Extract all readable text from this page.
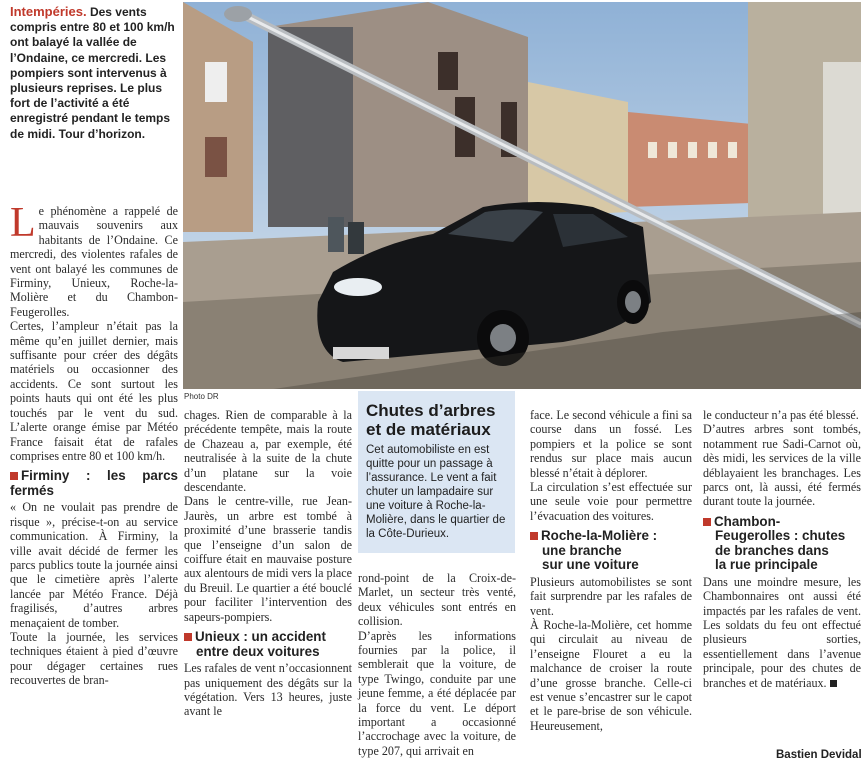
Intempéries. Des vents compris entre 80 et 100 km/h ont balayé la vallée de l’Ondaine, ce mercredi. Les pompiers sont intervenus à plusieurs reprises. Le plus fort de l’activité a été enregistré pendant le temps de midi. Tour d’horizon.

Le phénomène a rappelé de mauvais souvenirs aux habitants de l’Ondaine. Ce mercredi, des violentes rafales de vent ont balayé les communes de Firminy, Unieux, Roche-la-Molière et du Chambon-Feugerolles.

Certes, l’ampleur n’était pas la même qu’en juillet dernier, mais suffisante pour créer des dégâts matériels ou occasionner des accidents. Ce sont surtout les points hauts qui ont été les plus touchés par le vent du sud. L’alerte orange émise par Météo France faisait état de rafales comprises entre 80 et 100 km/h.

Firminy : les parcs fermés

« On ne voulait pas prendre de risque », précise-t-on au service communication. À Firminy, la ville avait décidé de fermer les parcs publics toute la journée ainsi que le cimetière après l’alerte lancée par Météo France. Déjà fragilisés, d’autres arbres menaçaient de tomber.

Toute la journée, les services techniques étaient à pied d’œuvre pour dégager certaines rues recouvertes de bran-

Photo DR

chages. Rien de comparable à la précédente tempête, mais la route de Chazeau a, par exemple, été neutralisée à la suite de la chute d’un platane sur la voie descendante.

Dans le centre-ville, rue Jean-Jaurès, un arbre est tombé à proximité d’une brasserie tandis que l’enseigne d’un salon de coiffure était en mauvaise posture aux alentours de midi vers la place du Breuil. Le quartier a été bouclé pour faciliter l’intervention des sapeurs-pompiers.

Unieux : un accident
entre deux voitures

Les rafales de vent n’occasionnent pas uniquement des dégâts sur la végétation. Vers 13 heures, juste avant le

Chutes d’arbres et de matériaux
Cet automobiliste en est quitte pour un passage à l’assurance. Le vent a fait chuter un lampadaire sur une voiture à Roche-la-Molière, dans le quartier de la Côte-Durieux.

rond-point de la Croix-de-Marlet, un secteur très venté, deux véhicules sont entrés en collision.

D’après les informations fournies par la police, il semblerait que la voiture, de type Twingo, conduite par une jeune femme, a été déplacée par la force du vent. Le déport important a occasionné l’accrochage avec la voiture, de type 207, qui arrivait en

face. Le second véhicule a fini sa course dans un fossé. Les pompiers et la police se sont rendus sur place mais aucun blessé n’était à déplorer.

La circulation s’est effectuée sur une seule voie pour permettre l’évacuation des voitures.

Roche-la-Molière :
une branche
sur une voiture

Plusieurs automobilistes se sont fait surprendre par les rafales de vent.

À Roche-la-Molière, cet homme qui circulait au niveau de l’enseigne Flouret a eu la malchance de croiser la route d’une grosse branche. Celle-ci est venue s’encastrer sur le capot et le pare-brise de son véhicule. Heureusement,

le conducteur n’a pas été blessé.

D’autres arbres sont tombés, notamment rue Sadi-Carnot où, dès midi, les services de la ville déblayaient les branchages. Les parcs ont, là aussi, été fermés durant toute la journée.

Chambon-
Feugerolles : chutes
de branches dans
la rue principale

Dans une moindre mesure, les Chambonnaires ont aussi été impactés par les rafales de vent. Les soldats du feu ont effectué plusieurs sorties, essentiellement dans l’avenue principale, pour des chutes de branches et de matériaux.

Bastien Devidal
